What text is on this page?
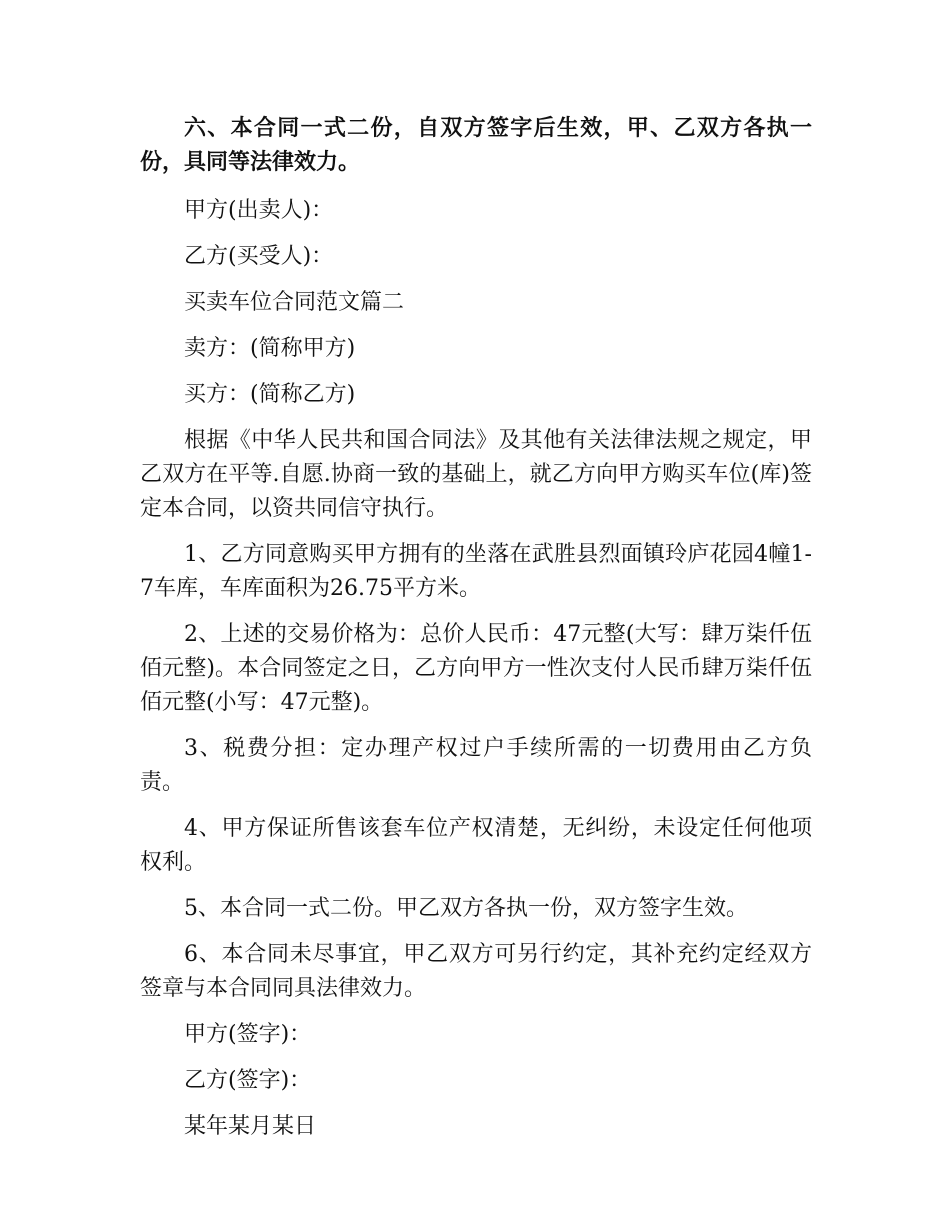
六、本合同一式二份，自双方签字后生效，甲、乙双方各执一份，具同等法律效力。

甲方(出卖人)：

乙方(买受人)：

买卖车位合同范文篇二

卖方：(简称甲方)

买方：(简称乙方)

根据《中华人民共和国合同法》及其他有关法律法规之规定，甲乙双方在平等.自愿.协商一致的基础上，就乙方向甲方购买车位(库)签定本合同，以资共同信守执行。

1、乙方同意购买甲方拥有的坐落在武胜县烈面镇玲庐花园4幢1-7车库，车库面积为26.75平方米。

2、上述的交易价格为：总价人民币：47元整(大写：肆万柒仟伍佰元整)。本合同签定之日，乙方向甲方一性次支付人民币肆万柒仟伍佰元整(小写：47元整)。

3、税费分担：定办理产权过户手续所需的一切费用由乙方负责。

4、甲方保证所售该套车位产权清楚，无纠纷，未设定任何他项权利。

5、本合同一式二份。甲乙双方各执一份，双方签字生效。

6、本合同未尽事宜，甲乙双方可另行约定，其补充约定经双方签章与本合同同具法律效力。

甲方(签字)：

乙方(签字)：

某年某月某日
